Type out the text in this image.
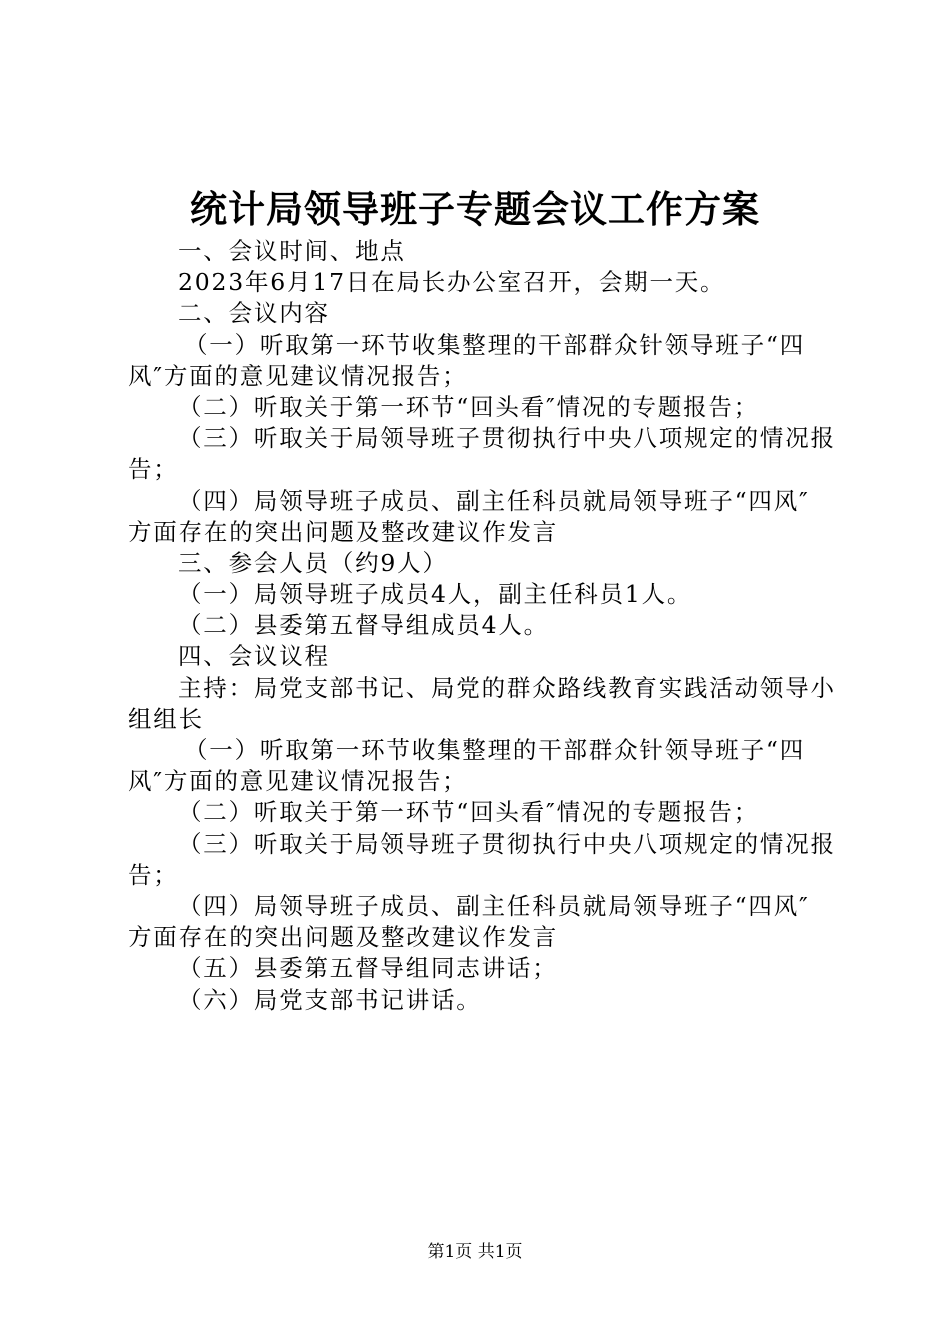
统计局领导班子专题会议工作方案
一、会议时间、地点
2023年6月17日在局长办公室召开，会期一天。
二、会议内容
（一）听取第一环节收集整理的干部群众针领导班子“四
风″方面的意见建议情况报告；
（二）听取关于第一环节“回头看″情况的专题报告；
（三）听取关于局领导班子贯彻执行中央八项规定的情况报
告；
（四）局领导班子成员、副主任科员就局领导班子“四风″
方面存在的突出问题及整改建议作发言
三、参会人员（约9人）
（一）局领导班子成员4人，副主任科员1人。
（二）县委第五督导组成员4人。
四、会议议程
主持：局党支部书记、局党的群众路线教育实践活动领导小
组组长
（一）听取第一环节收集整理的干部群众针领导班子“四
风″方面的意见建议情况报告；
（二）听取关于第一环节“回头看″情况的专题报告；
（三）听取关于局领导班子贯彻执行中央八项规定的情况报
告；
（四）局领导班子成员、副主任科员就局领导班子“四风″
方面存在的突出问题及整改建议作发言
（五）县委第五督导组同志讲话；
（六）局党支部书记讲话。
第1页 共1页
